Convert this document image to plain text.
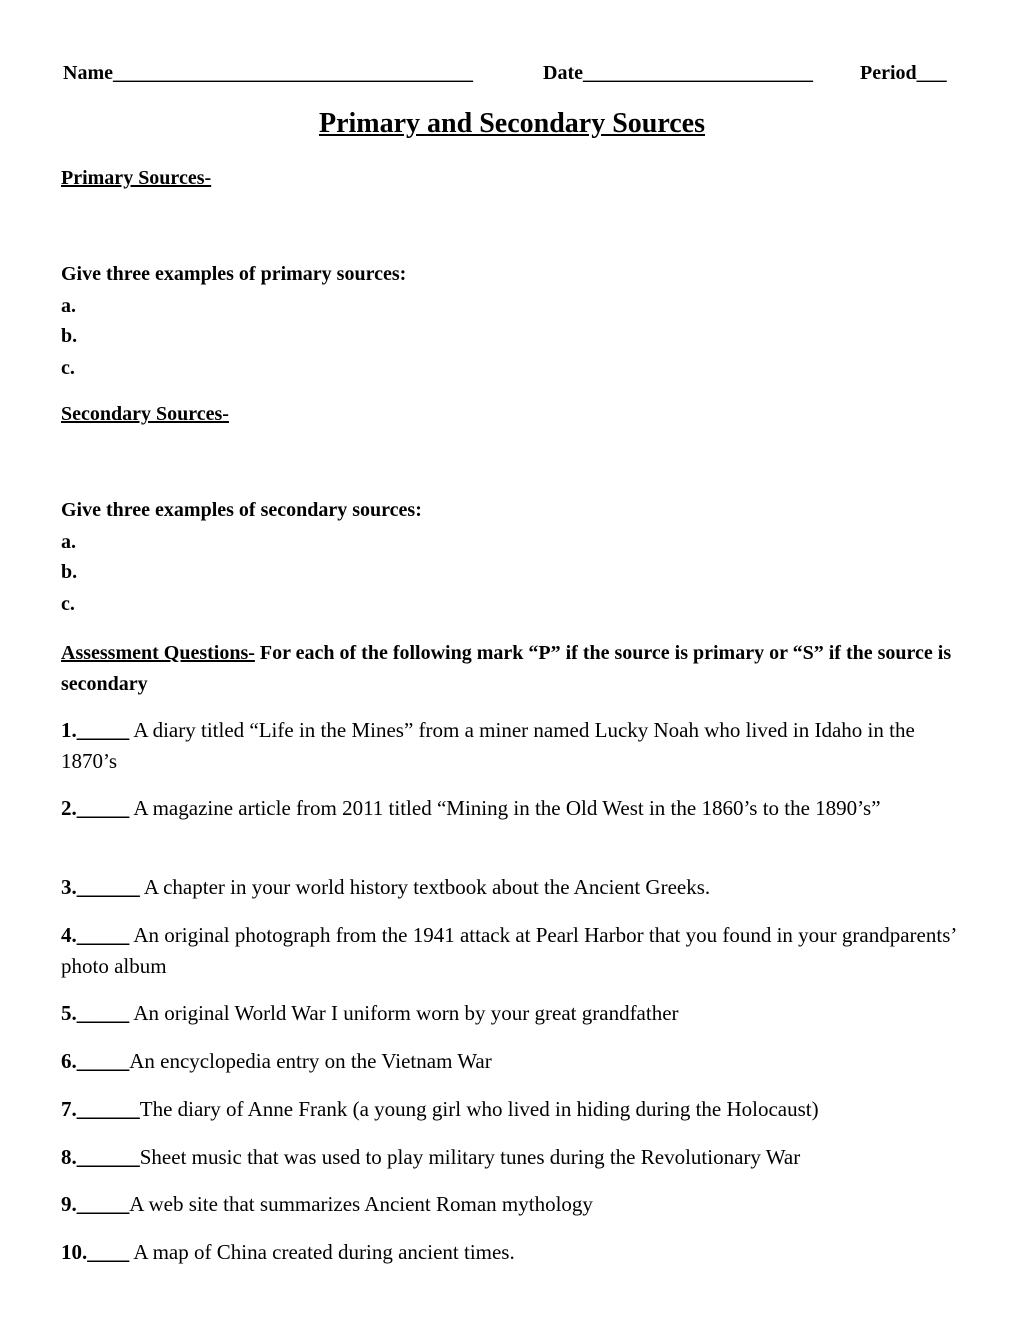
Name____________________________________	Date_______________________ Period___
Primary and Secondary Sources
Primary Sources-
Give three examples of primary sources:
a.
b.
c.
Secondary Sources-
Give three examples of secondary sources:
a.
b.
c.
Assessment Questions- For each of the following mark “P” if the source is primary or “S” if the source is secondary
1._____ A diary titled “Life in the Mines” from a miner named Lucky Noah who lived in Idaho in the 1870’s
2._____ A magazine article from 2011 titled “Mining in the Old West in the 1860’s to the 1890’s”
3.______ A chapter in your world history textbook about the Ancient Greeks.
4._____ An original photograph from the 1941 attack at Pearl Harbor that you found in your grandparents’ photo album
5._____ An original World War I uniform worn by your great grandfather
6._____An encyclopedia entry on the Vietnam War
7.______The diary of Anne Frank (a young girl who lived in hiding during the Holocaust)
8.______Sheet music that was used to play military tunes during the Revolutionary War
9._____A web site that summarizes Ancient Roman mythology
10.____ A map of China created during ancient times.
